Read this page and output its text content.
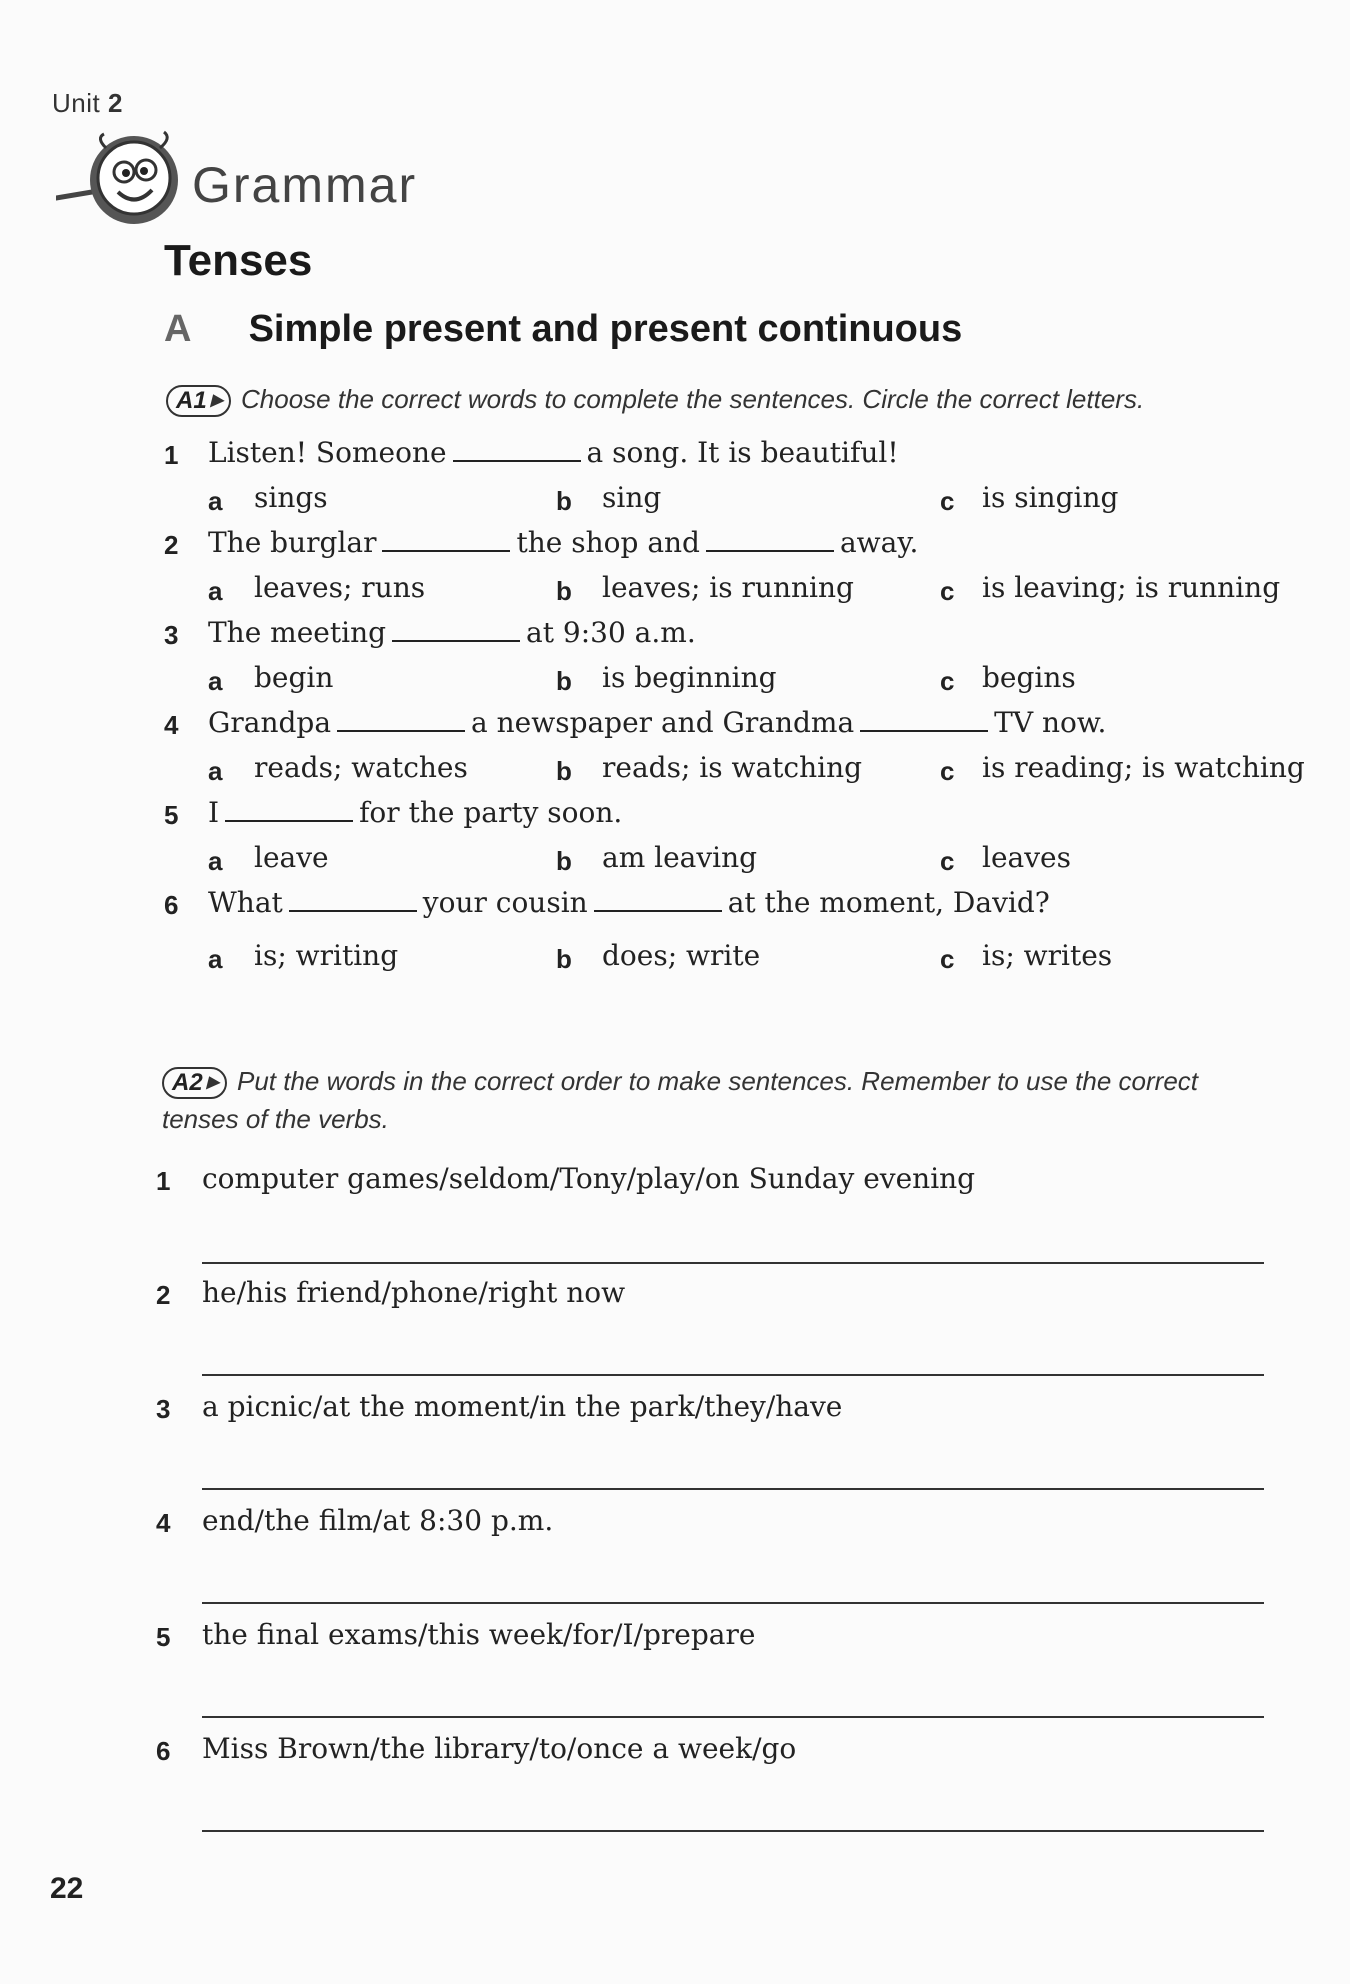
Unit 2
Grammar
Tenses
A Simple present and present continuous
A1 ▶ Choose the correct words to complete the sentences. Circle the correct letters.
1 Listen! Someone	a song. It is beautiful!
a sings	b sing	c is singing
2 The burglar	the shop and	away.
a leaves; runs	b leaves; is running	c is leaving; is running
3 The meeting	at 9:30 a.m.
a begin	b is beginning	c begins
4 Grandpa	a newspaper and Grandma	TV now.
a reads; watches	b reads; is watching	c is reading; is watching
5 I	for the party soon.
a leave	b am leaving	c leaves
6 What	your cousin	at the moment, David?
a is; writing	b does; write	c is; writes
A2 ▶ Put the words in the correct order to make sentences. Remember to use the correct
tenses of the verbs.
1 computer games/seldom/Tony/play/on Sunday evening
2 he/his friend/phone/right now
3 a picnic/at the moment/in the park/they/have
4 end/the film/at 8:30 p.m.
5 the final exams/this week/for/I/prepare
6 Miss Brown/the library/to/once a week/go
22
